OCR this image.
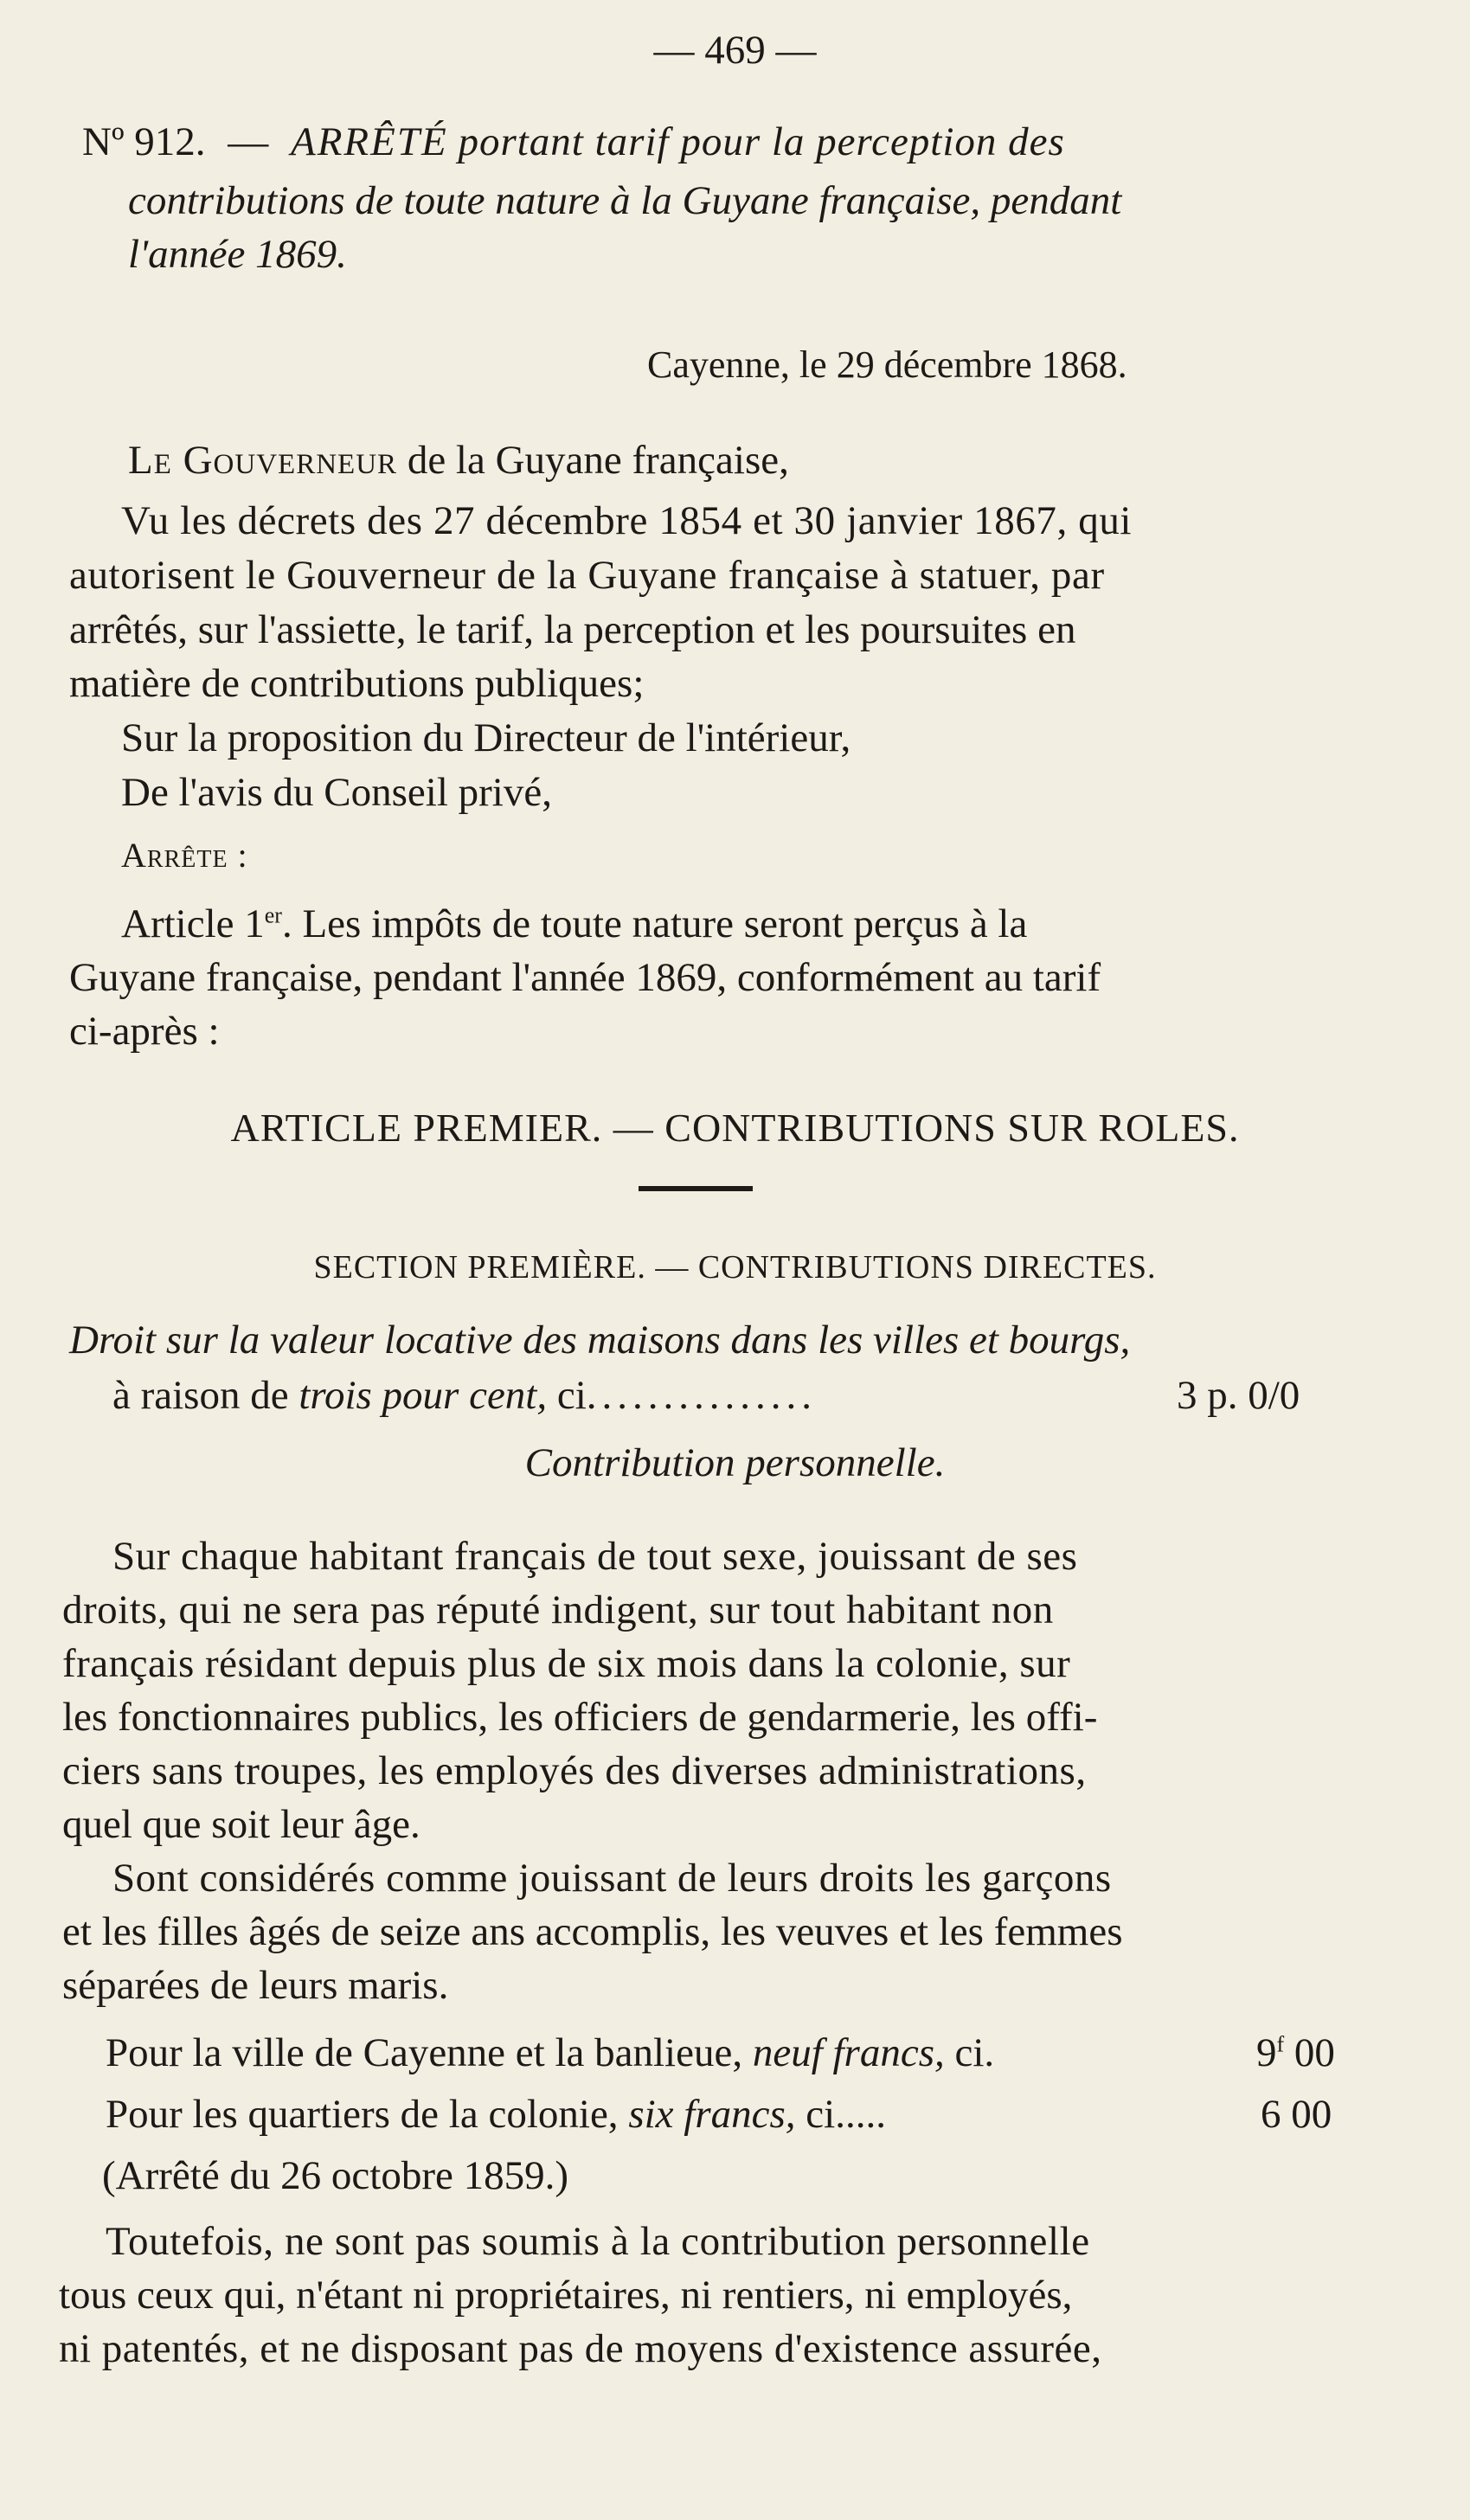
— 469 —
Nº 912. — ARRÊTÉ portant tarif pour la perception des
contributions de toute nature à la Guyane française, pendant
l'année 1869.
Cayenne, le 29 décembre 1868.
Le Gouverneur de la Guyane française,
Vu les décrets des 27 décembre 1854 et 30 janvier 1867, qui
autorisent le Gouverneur de la Guyane française à statuer, par
arrêtés, sur l'assiette, le tarif, la perception et les poursuites en
matière de contributions publiques;
Sur la proposition du Directeur de l'intérieur,
De l'avis du Conseil privé,
Arrête :
Article 1er. Les impôts de toute nature seront perçus à la
Guyane française, pendant l'année 1869, conformément au tarif
ci-après :
ARTICLE PREMIER. — CONTRIBUTIONS SUR ROLES.
SECTION PREMIÈRE. — CONTRIBUTIONS DIRECTES.
Droit sur la valeur locative des maisons dans les villes et bourgs,
à raison de trois pour cent, ci...............	3 p. 0/0
Contribution personnelle.
Sur chaque habitant français de tout sexe, jouissant de ses
droits, qui ne sera pas réputé indigent, sur tout habitant non
français résidant depuis plus de six mois dans la colonie, sur
les fonctionnaires publics, les officiers de gendarmerie, les offi-
ciers sans troupes, les employés des diverses administrations,
quel que soit leur âge.
Sont considérés comme jouissant de leurs droits les garçons
et les filles âgés de seize ans accomplis, les veuves et les femmes
séparées de leurs maris.
Pour la ville de Cayenne et la banlieue, neuf francs, ci.	9$^f$ 00
Pour les quartiers de la colonie, six francs, ci.....	6 00
(Arrêté du 26 octobre 1859.)
Toutefois, ne sont pas soumis à la contribution personnelle
tous ceux qui, n'étant ni propriétaires, ni rentiers, ni employés,
ni patentés, et ne disposant pas de moyens d'existence assurée,
